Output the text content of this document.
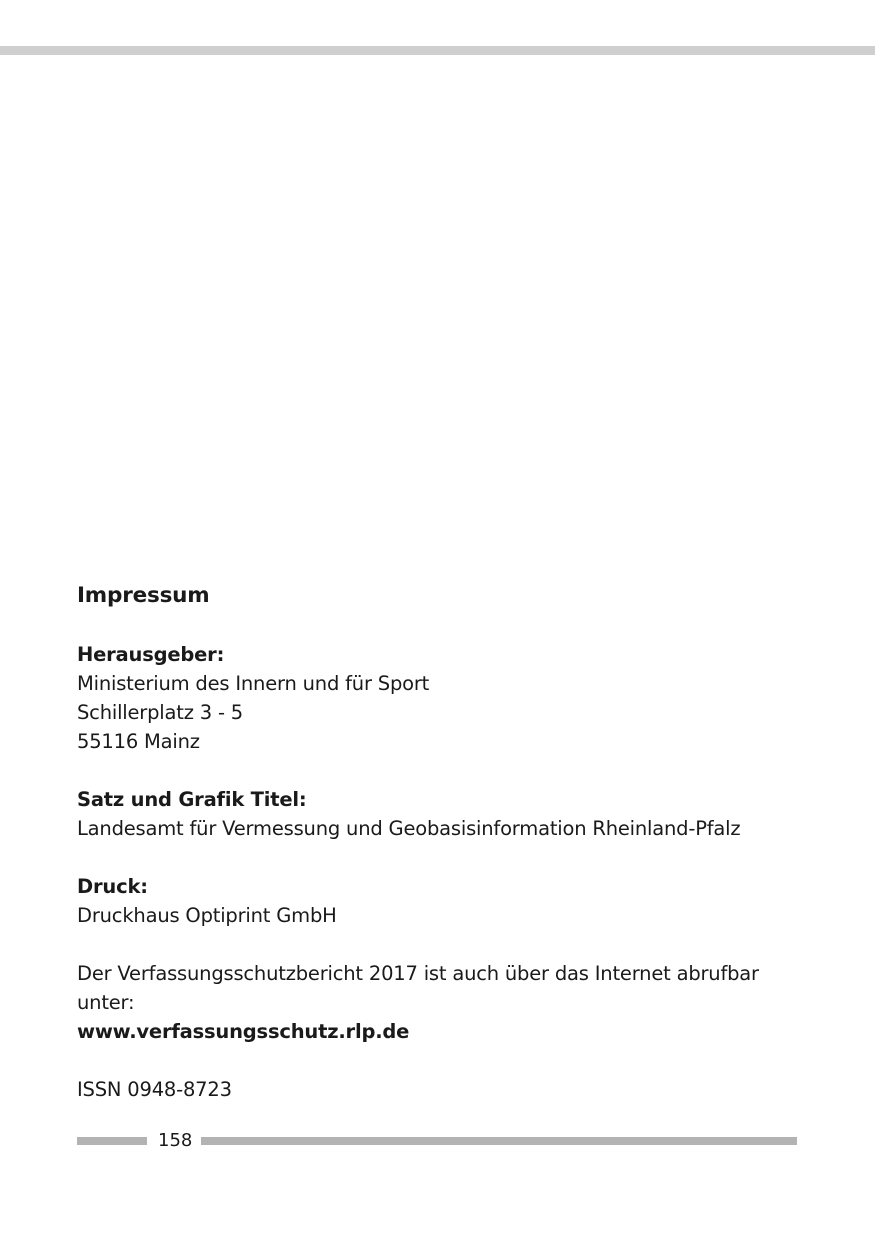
Impressum
Herausgeber:
Ministerium des Innern und für Sport
Schillerplatz 3 - 5
55116 Mainz
Satz und Grafik Titel:
Landesamt für Vermessung und Geobasisinformation Rheinland-Pfalz
Druck:
Druckhaus Optiprint GmbH
Der Verfassungsschutzbericht 2017 ist auch über das Internet abrufbar
unter:
www.verfassungsschutz.rlp.de
ISSN 0948-8723
158
